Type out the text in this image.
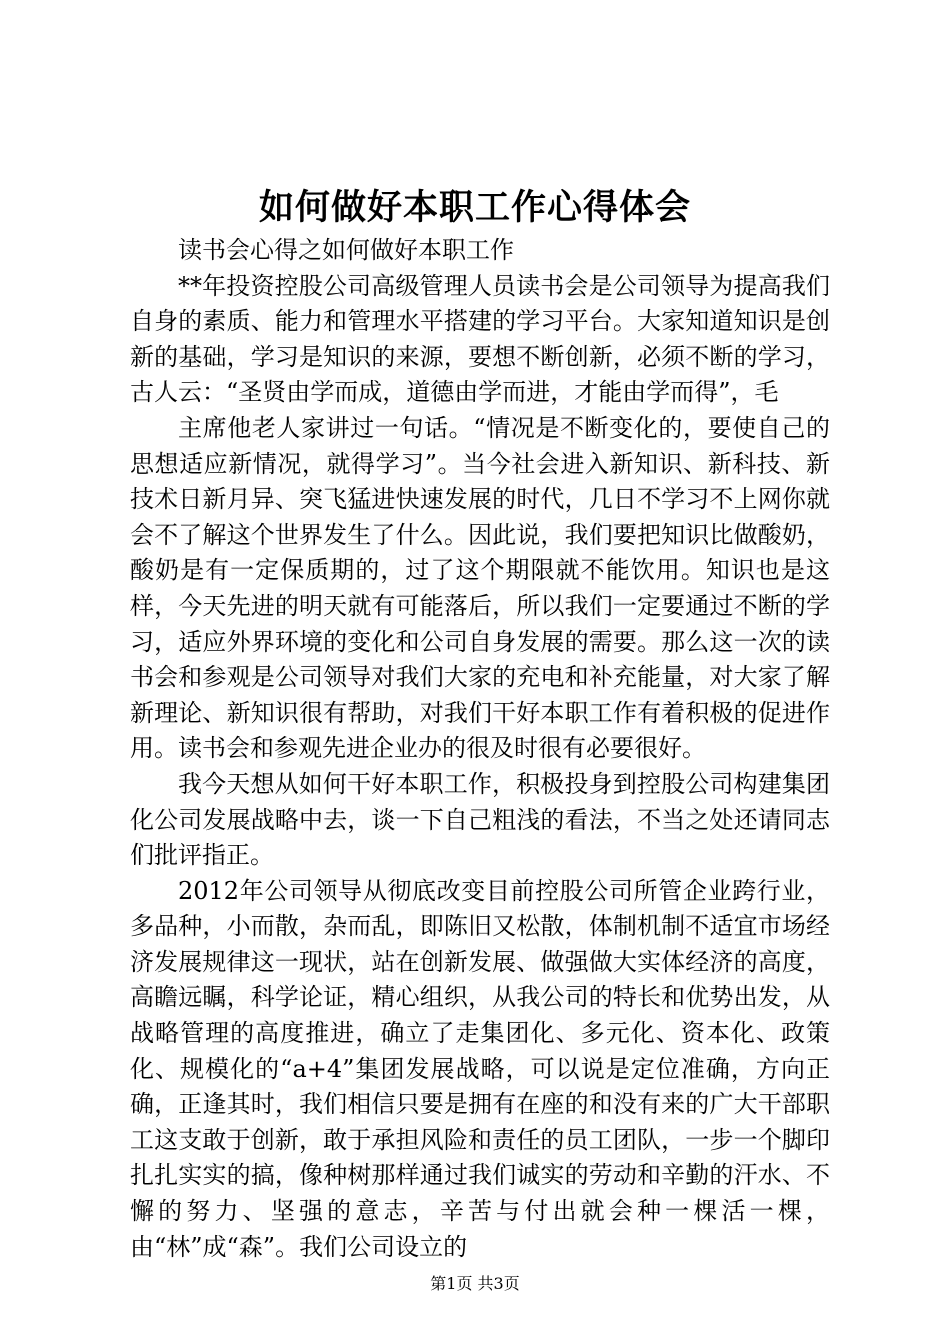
如何做好本职工作心得体会

读书会心得之如何做好本职工作

**年投资控股公司高级管理人员读书会是公司领导为提高我们自身的素质、能力和管理水平搭建的学习平台。大家知道知识是创新的基础，学习是知识的来源，要想不断创新，必须不断的学习，古人云：“圣贤由学而成，道德由学而进，才能由学而得”，毛

主席他老人家讲过一句话。“情况是不断变化的，要使自己的思想适应新情况，就得学习”。当今社会进入新知识、新科技、新技术日新月异、突飞猛进快速发展的时代，几日不学习不上网你就会不了解这个世界发生了什么。因此说，我们要把知识比做酸奶，酸奶是有一定保质期的，过了这个期限就不能饮用。知识也是这样，今天先进的明天就有可能落后，所以我们一定要通过不断的学习，适应外界环境的变化和公司自身发展的需要。那么这一次的读书会和参观是公司领导对我们大家的充电和补充能量，对大家了解新理论、新知识很有帮助，对我们干好本职工作有着积极的促进作用。读书会和参观先进企业办的很及时很有必要很好。

我今天想从如何干好本职工作，积极投身到控股公司构建集团化公司发展战略中去，谈一下自己粗浅的看法，不当之处还请同志们批评指正。

2012年公司领导从彻底改变目前控股公司所管企业跨行业，多品种，小而散，杂而乱，即陈旧又松散，体制机制不适宜市场经济发展规律这一现状，站在创新发展、做强做大实体经济的高度，高瞻远瞩，科学论证，精心组织，从我公司的特长和优势出发，从战略管理的高度推进，确立了走集团化、多元化、资本化、政策化、规模化的“a+4”集团发展战略，可以说是定位准确，方向正确，正逢其时，我们相信只要是拥有在座的和没有来的广大干部职工这支敢于创新，敢于承担风险和责任的员工团队，一步一个脚印扎扎实实的搞，像种树那样通过我们诚实的劳动和辛勤的汗水、不懈的努力、坚强的意志，辛苦与付出就会种一棵活一棵，由“林”成“森”。我们公司设立的

第1页 共3页
